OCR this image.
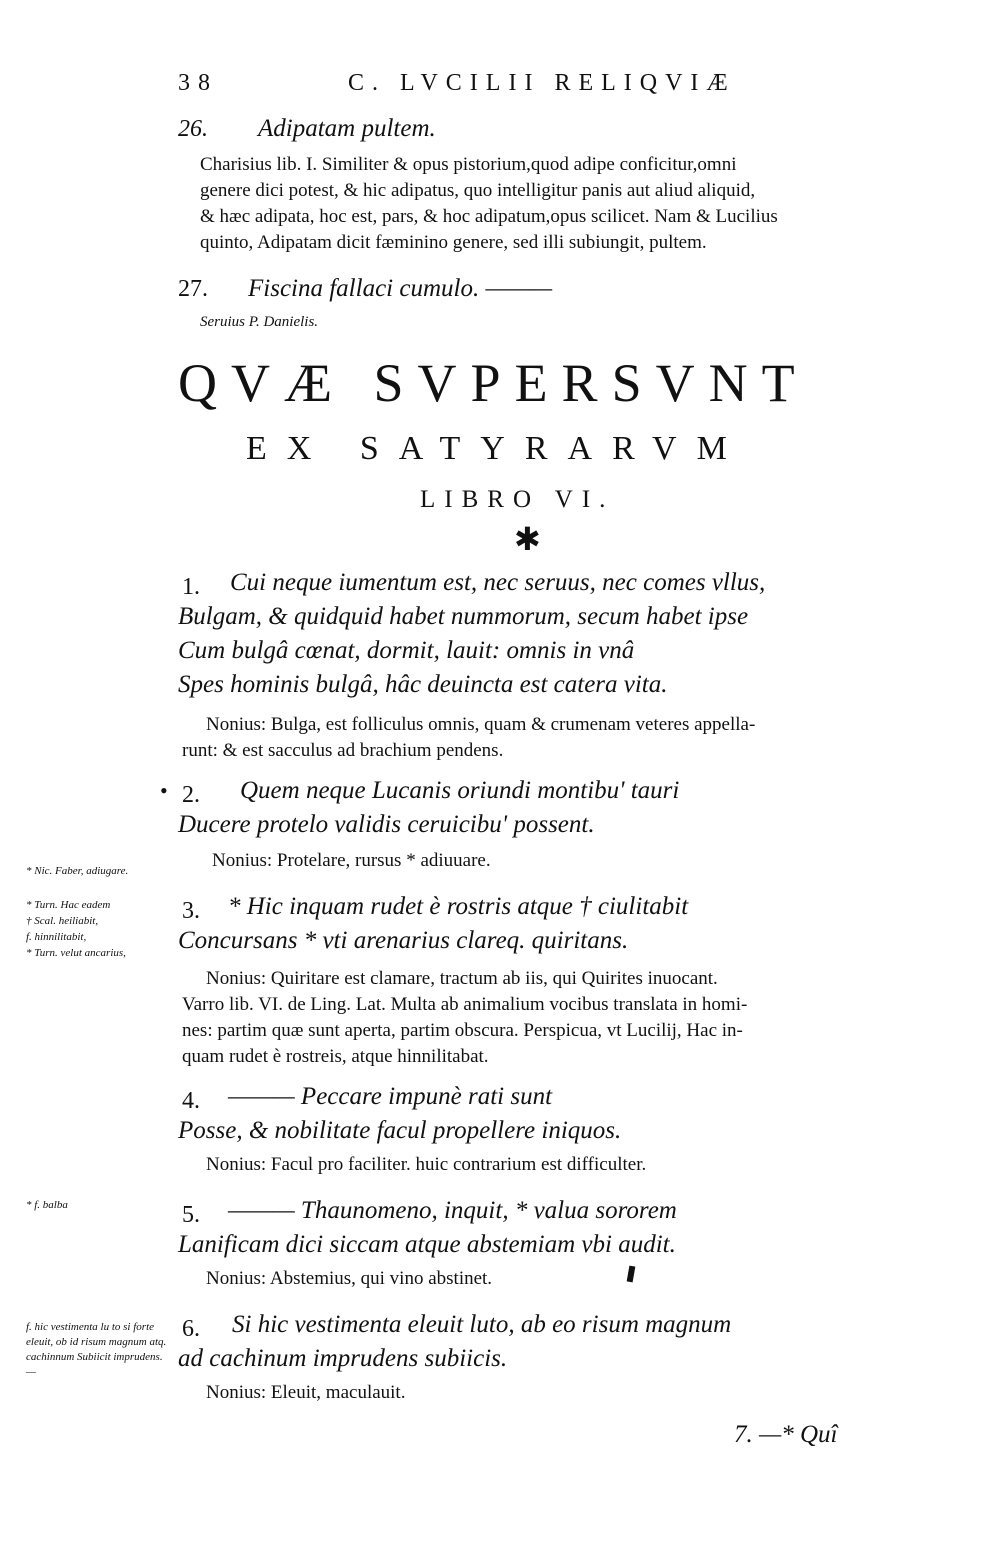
38	C. LVCILII RELIQVIÆ
26. Adipatam pultem.
Charisius lib. I. Similiter & opus pistorium,quod adipe conficitur,omni
genere dici potest, & hic adipatus, quo intelligitur panis aut aliud aliquid,
& hæc adipata, hoc est, pars, & hoc adipatum,opus scilicet. Nam & Lucilius
quinto, Adipatam dicit fæminino genere, sed illi subiungit, pultem.
27. Fiscina fallaci cumulo. ———
Seruius P. Danielis.
QVÆ SVPERSVNT
EX SATYRARVM
LIBRO VI.
✱
1.	Cui neque iumentum est, nec seruus, nec comes vllus,
Bulgam, & quidquid habet nummorum, secum habet ipse
Cum bulgâ cœnat, dormit, lauit: omnis in vnâ
Spes hominis bulgâ, hâc deuincta est catera vita.
Nonius: Bulga, est folliculus omnis, quam & crumenam veteres appella-
runt: & est sacculus ad brachium pendens.
• 2.	Quem neque Lucanis oriundi montibu' tauri
Ducere protelo validis ceruicibu' possent.
Nonius: Protelare, rursus * adiuuare.
3.	* Hic inquam rudet è rostris atque † ciulitabit
Concursans * vti arenarius clareq. quiritans.
Nonius: Quiritare est clamare, tractum ab iis, qui Quirites inuocant.
Varro lib. VI. de Ling. Lat. Multa ab animalium vocibus translata in homi-
nes: partim quæ sunt aperta, partim obscura. Perspicua, vt Lucilij, Hac in-
quam rudet è rostreis, atque hinnilitabat.
4.	——— Peccare impunè rati sunt
Posse, & nobilitate facul propellere iniquos.
Nonius: Facul pro faciliter. huic contrarium est difficulter.
5.	——— Thaunomeno, inquit, * valua sororem
Lanificam dici siccam atque abstemiam vbi audit.
Nonius: Abstemius, qui vino abstinet.
6.	Si hic vestimenta eleuit luto, ab eo risum magnum
ad cachinum imprudens subiicis.
Nonius: Eleuit, maculauit.
7. —* Quî
* Nic. Faber, adiugare.
* Turn. Hac eadem
† Scal. heiliabit,
f. hinnilitabit,
* Turn. velut ancarius,
* f. balba
f. hic vestimenta lu to si forte eleuit, ob id risum magnum atq. cachinnum Subiicit imprudens. —
